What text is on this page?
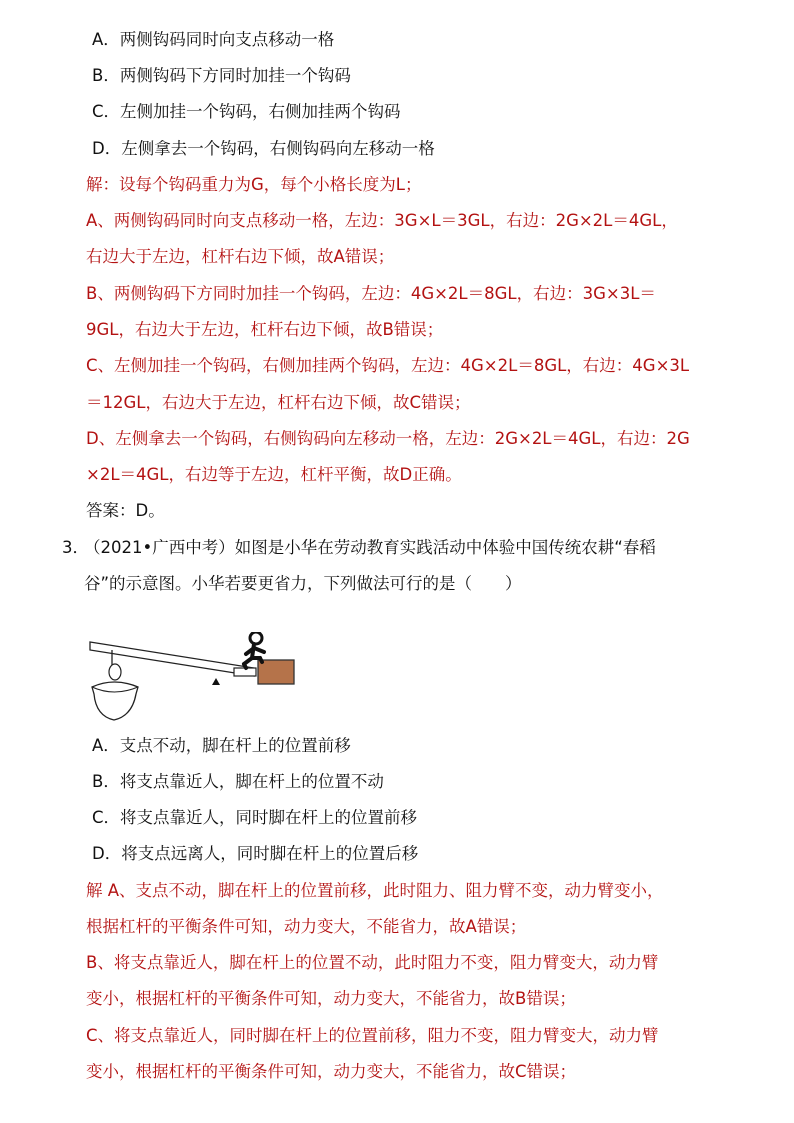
A．两侧钩码同时向支点移动一格
B．两侧钩码下方同时加挂一个钩码
C．左侧加挂一个钩码，右侧加挂两个钩码
D．左侧拿去一个钩码，右侧钩码向左移动一格
解：设每个钩码重力为G，每个小格长度为L；
A、两侧钩码同时向支点移动一格，左边：3G×L＝3GL，右边：2G×2L＝4GL，
右边大于左边，杠杆右边下倾，故A错误；
B、两侧钩码下方同时加挂一个钩码，左边：4G×2L＝8GL，右边：3G×3L＝
9GL，右边大于左边，杠杆右边下倾，故B错误；
C、左侧加挂一个钩码，右侧加挂两个钩码，左边：4G×2L＝8GL，右边：4G×3L
＝12GL，右边大于左边，杠杆右边下倾，故C错误；
D、左侧拿去一个钩码，右侧钩码向左移动一格，左边：2G×2L＝4GL，右边：2G
×2L＝4GL，右边等于左边，杠杆平衡，故D正确。
答案：D。
3．
（2021•广西中考）如图是小华在劳动教育实践活动中体验中国传统农耕“春稻
谷”的示意图。小华若要更省力，下列做法可行的是（　　）
A．支点不动，脚在杆上的位置前移
B．将支点靠近人，脚在杆上的位置不动
C．将支点靠近人，同时脚在杆上的位置前移
D．将支点远离人，同时脚在杆上的位置后移
解 A、支点不动，脚在杆上的位置前移，此时阻力、阻力臂不变，动力臂变小，
根据杠杆的平衡条件可知，动力变大，不能省力，故A错误；
B、将支点靠近人，脚在杆上的位置不动，此时阻力不变，阻力臂变大，动力臂
变小，根据杠杆的平衡条件可知，动力变大，不能省力，故B错误；
C、将支点靠近人，同时脚在杆上的位置前移，阻力不变，阻力臂变大，动力臂
变小，根据杠杆的平衡条件可知，动力变大，不能省力，故C错误；
